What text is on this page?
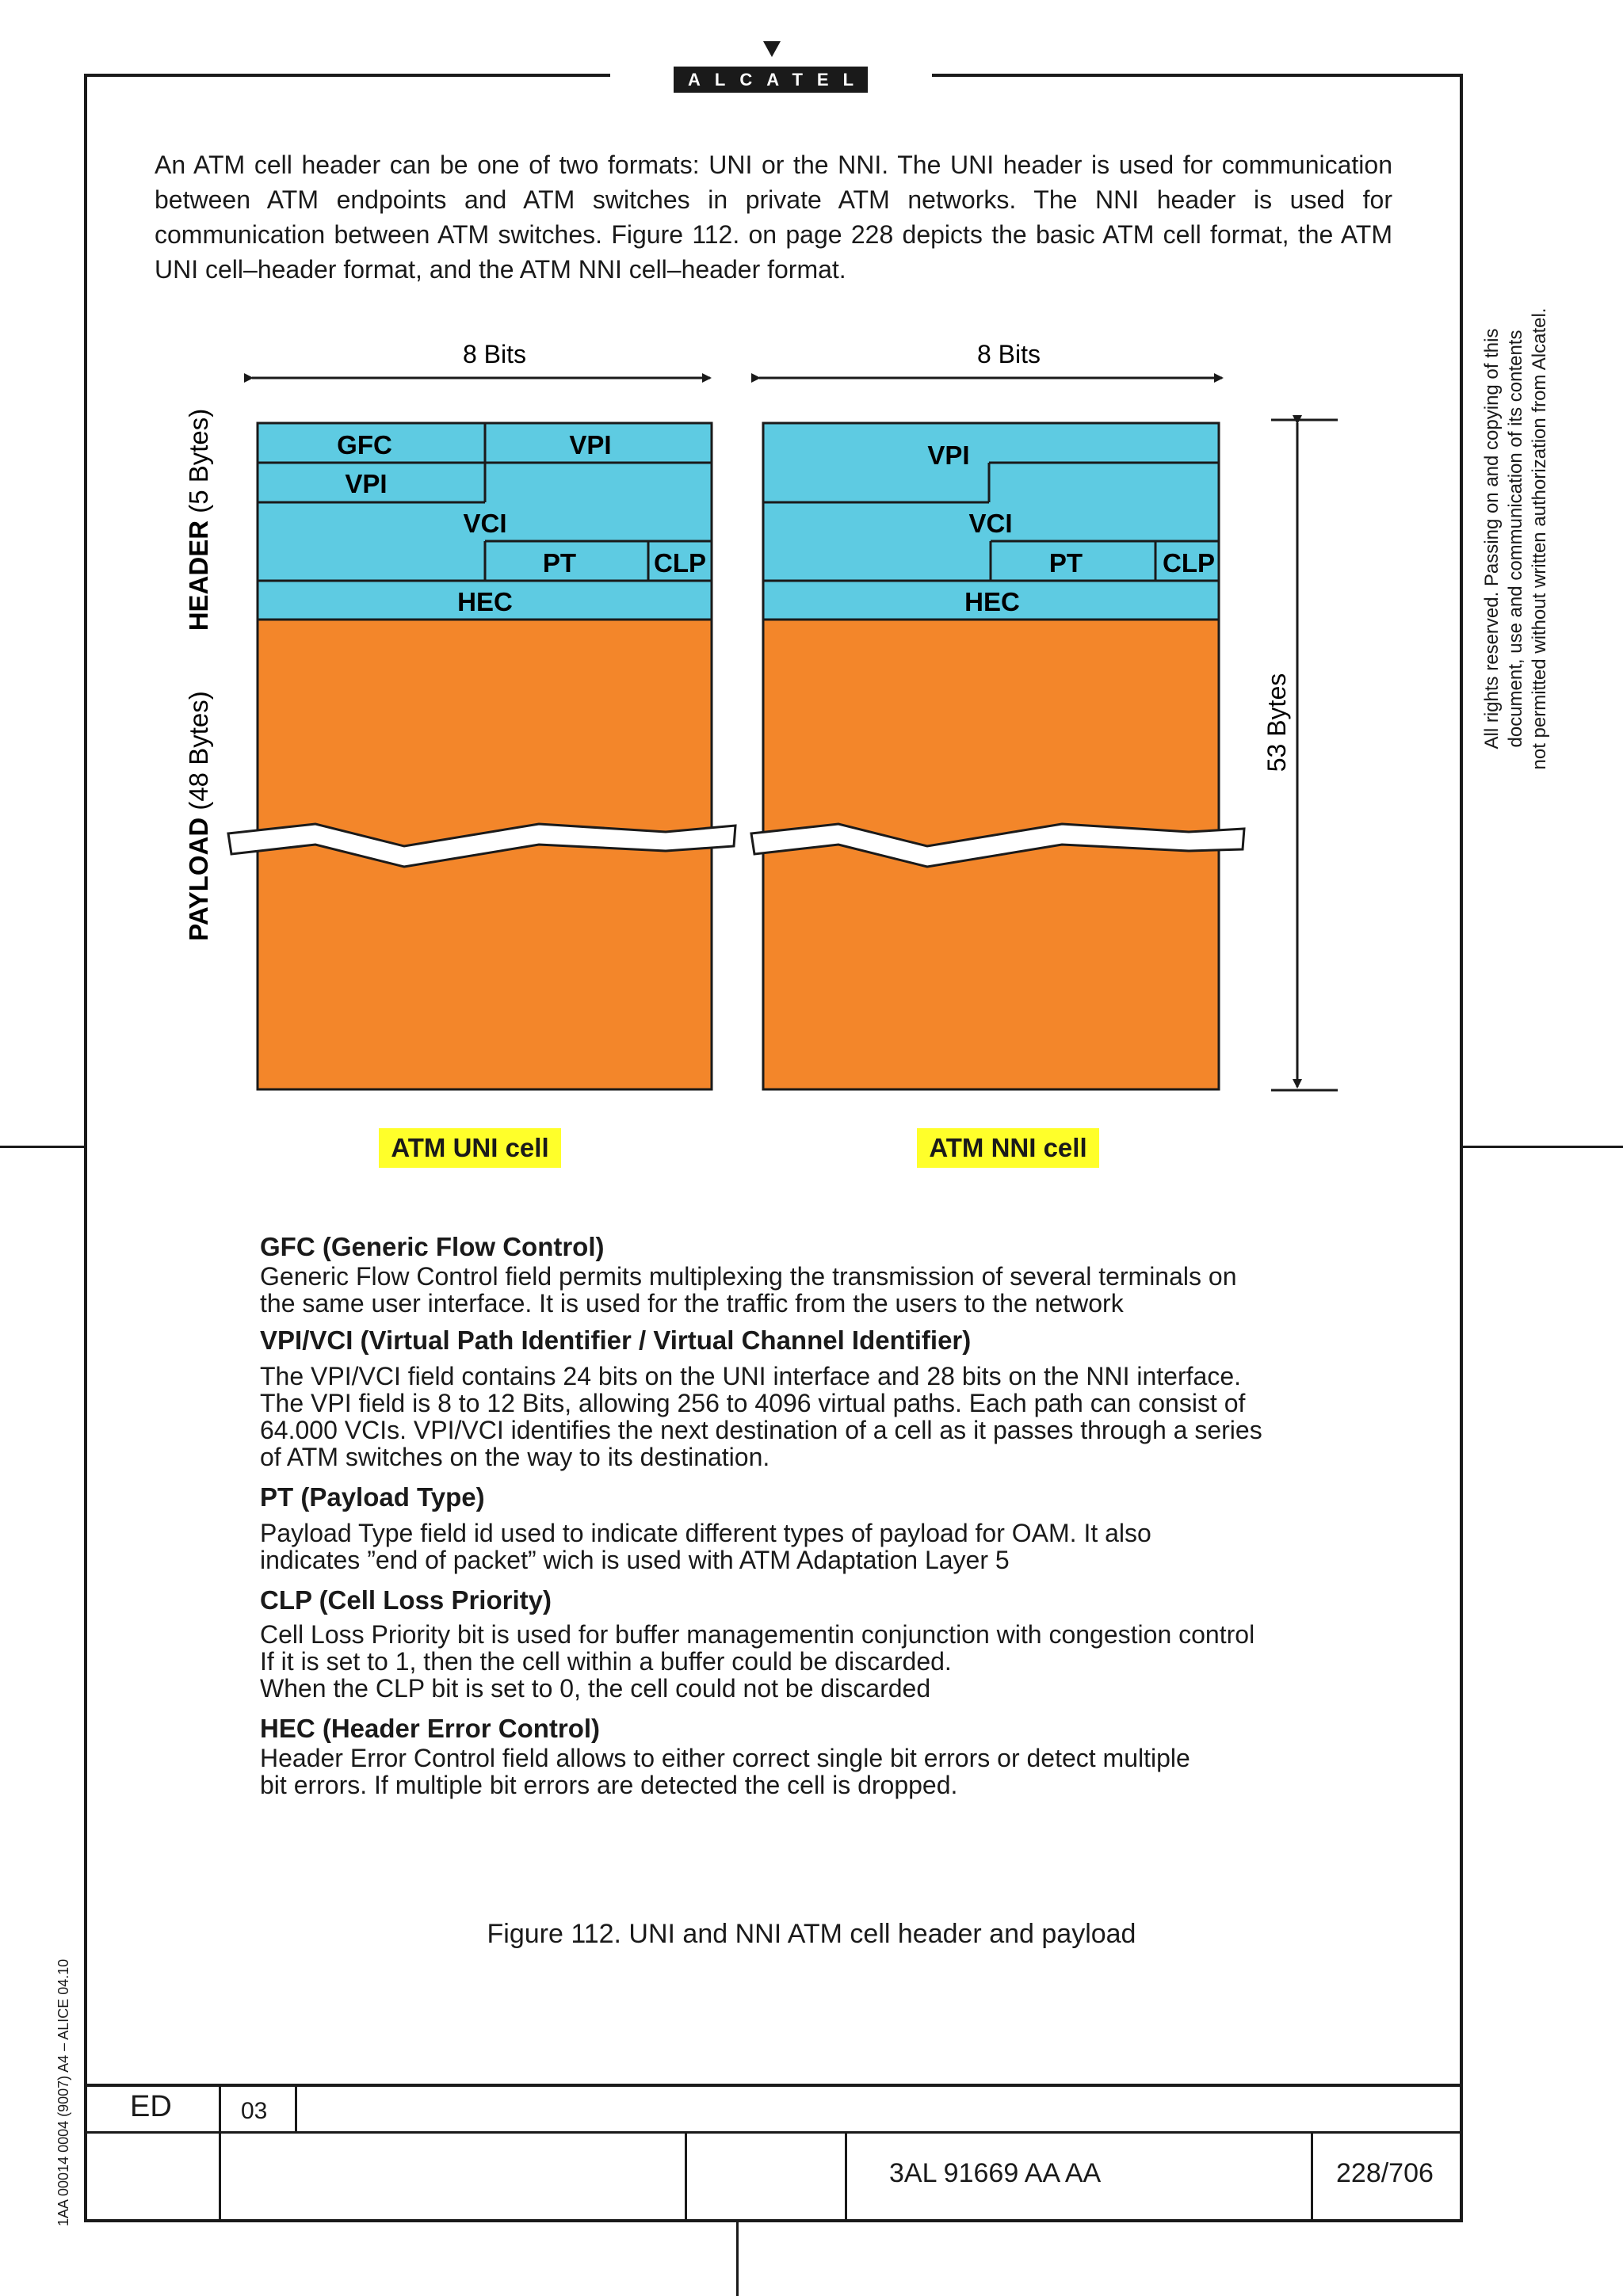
ALCATEL
An ATM cell header can be one of two formats: UNI or the NNI. The UNI header is used for communication between ATM endpoints and ATM switches in private ATM networks. The NNI header is used for communication between ATM switches. Figure 112. on page 228 depicts the basic ATM cell format, the ATM UNI cell–header format, and the ATM NNI cell–header format.
All rights reserved. Passing on and copying of this document, use and communication of its contents not permitted without written authorization from Alcatel.
1AA 00014 0004 (9007) A4 – ALICE 04.10
8 Bits	8 Bits
GFC	VPI
VPI
VCI
PT	CLP
HEC
VPI
VCI
PT	CLP
HEC
53 Bytes
HEADER (5 Bytes)
PAYLOAD (48 Bytes)
ATM UNI cell	ATM NNI cell
GFC (Generic Flow Control)
Generic Flow Control field permits multiplexing the transmission of several terminals on
the same user interface. It is used for the traffic from the users to the network
VPI/VCI (Virtual Path Identifier / Virtual Channel Identifier)
The VPI/VCI field contains 24 bits on the UNI interface and 28 bits on the NNI interface.
The VPI field is 8 to 12 Bits, allowing 256 to 4096 virtual paths. Each path can consist of
64.000 VCIs. VPI/VCI identifies the next destination of a cell as it passes through a series
of ATM switches on the way to its destination.
PT (Payload Type)
Payload Type field id used to indicate different types of payload for OAM. It also
indicates ”end of packet” wich is used with ATM Adaptation Layer 5
CLP (Cell Loss Priority)
Cell Loss Priority bit is used for buffer managementin conjunction with congestion control
If it is set to 1, then the cell within a buffer could be discarded.
When the CLP bit is set to 0, the cell could not be discarded
HEC (Header Error Control)
Header Error Control field allows to either correct single bit errors or detect multiple
bit errors. If multiple bit errors are detected the cell is dropped.
Figure 112. UNI and NNI ATM cell header and payload
ED	03
3AL 91669 AA AA	228/706
